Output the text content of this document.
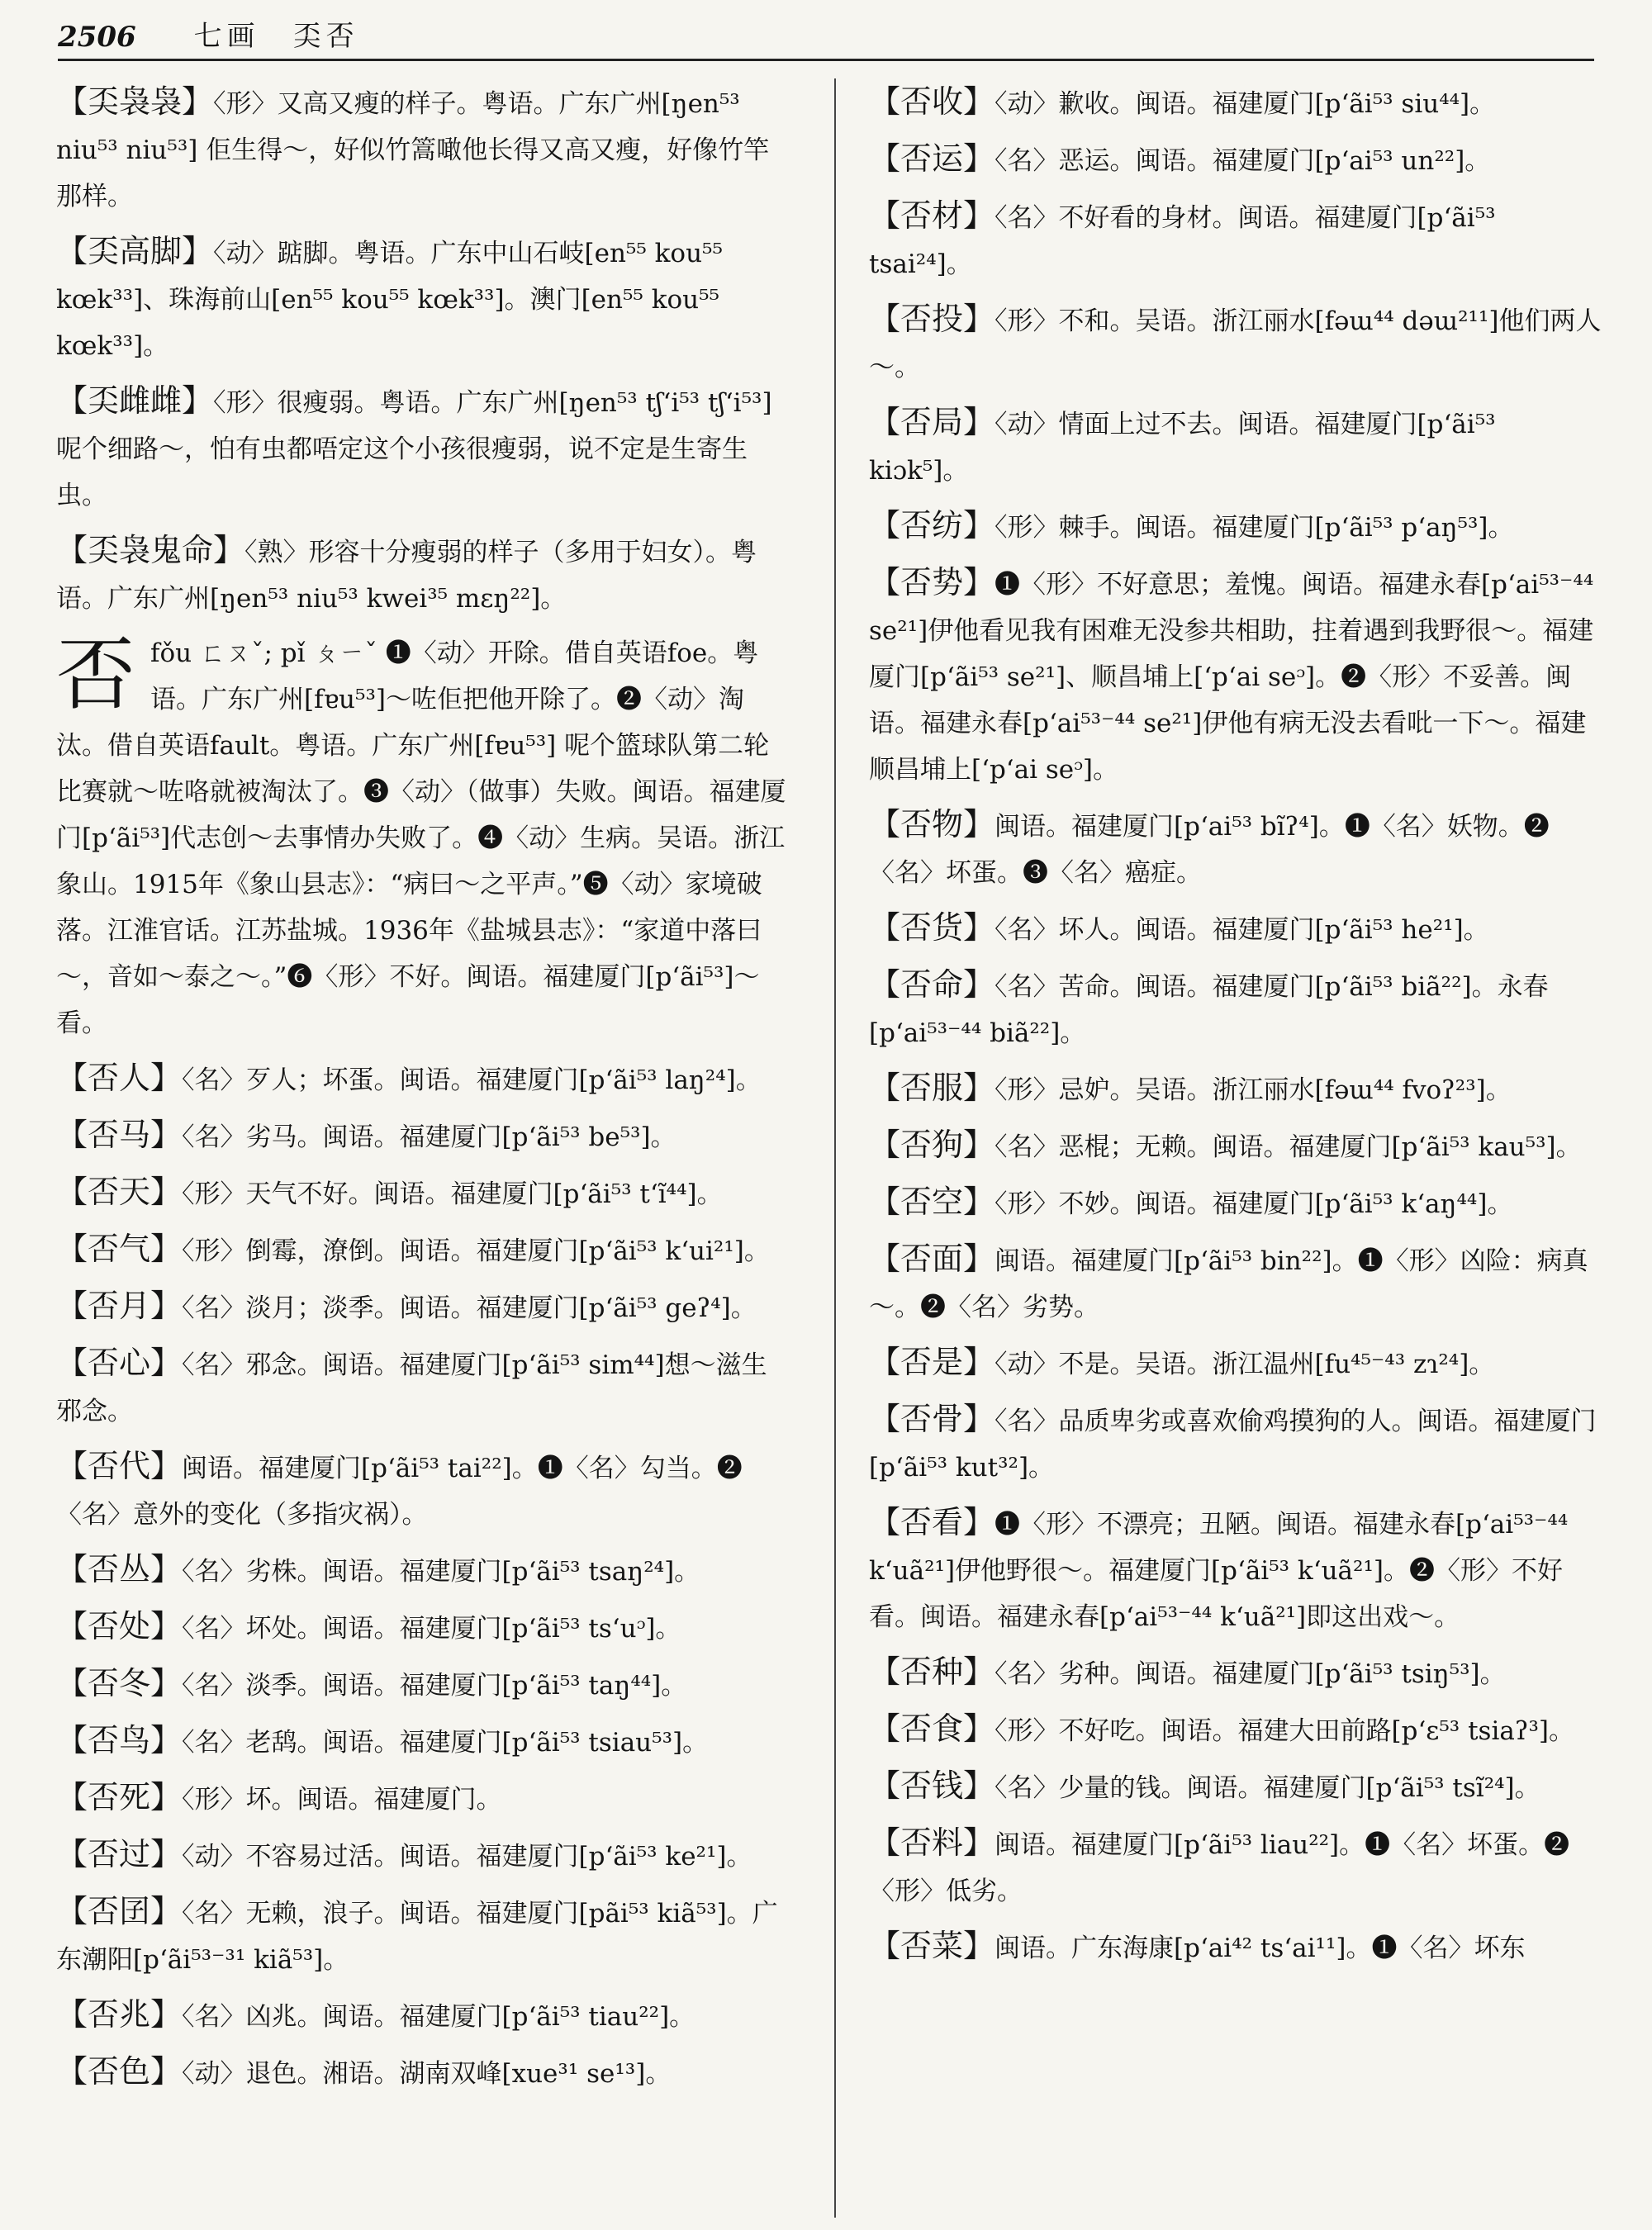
2506 七画　奀否
【奀袅袅】〈形〉又高又瘦的样子。粤语。广东广州[ŋen⁵³ niu⁵³ niu⁵³] 佢生得～，好似竹篙噉他长得又高又瘦，好像竹竿那样。
【奀高脚】〈动〉踮脚。粤语。广东中山石岐[en⁵⁵ kou⁵⁵ kœk³³]、珠海前山[en⁵⁵ kou⁵⁵ kœk³³]。澳门[en⁵⁵ kou⁵⁵ kœk³³]。
【奀雌雌】〈形〉很瘦弱。粤语。广东广州[ŋen⁵³ tʃʻi⁵³ tʃʻi⁵³] 呢个细路～，怕有虫都唔定这个小孩很瘦弱，说不定是生寄生虫。
【奀袅鬼命】〈熟〉形容十分瘦弱的样子（多用于妇女）。粤语。广东广州[ŋen⁵³ niu⁵³ kwei³⁵ mɛŋ²²]。
否fǒu ㄈㄡˇ; pǐ ㄆㄧˇ ❶〈动〉开除。借自英语foe。粤语。广东广州[fɐu⁵³]～咗佢把他开除了。❷〈动〉淘汰。借自英语fault。粤语。广东广州[fɐu⁵³] 呢个篮球队第二轮比赛就～咗咯就被淘汰了。❸〈动〉（做事）失败。闽语。福建厦门[pʻãi⁵³]代志创～去事情办失败了。❹〈动〉生病。吴语。浙江象山。1915年《象山县志》：“病曰～之平声。”❺〈动〉家境破落。江淮官话。江苏盐城。1936年《盐城县志》：“家道中落曰～，音如～泰之～。”❻〈形〉不好。闽语。福建厦门[pʻãi⁵³]～看。
【否人】〈名〉歹人；坏蛋。闽语。福建厦门[pʻãi⁵³ laŋ²⁴]。
【否马】〈名〉劣马。闽语。福建厦门[pʻãi⁵³ be⁵³]。
【否天】〈形〉天气不好。闽语。福建厦门[pʻãi⁵³ tʻĩ⁴⁴]。
【否气】〈形〉倒霉，潦倒。闽语。福建厦门[pʻãi⁵³ kʻui²¹]。
【否月】〈名〉淡月；淡季。闽语。福建厦门[pʻãi⁵³ geʔ⁴]。
【否心】〈名〉邪念。闽语。福建厦门[pʻãi⁵³ sim⁴⁴]想～滋生邪念。
【否代】闽语。福建厦门[pʻãi⁵³ tai²²]。❶〈名〉勾当。❷〈名〉意外的变化（多指灾祸）。
【否丛】〈名〉劣株。闽语。福建厦门[pʻãi⁵³ tsaŋ²⁴]。
【否处】〈名〉坏处。闽语。福建厦门[pʻãi⁵³ tsʻuᵓ]。
【否冬】〈名〉淡季。闽语。福建厦门[pʻãi⁵³ taŋ⁴⁴]。
【否鸟】〈名〉老鸹。闽语。福建厦门[pʻãi⁵³ tsiau⁵³]。
【否死】〈形〉坏。闽语。福建厦门。
【否过】〈动〉不容易过活。闽语。福建厦门[pʻãi⁵³ ke²¹]。
【否囝】〈名〉无赖，浪子。闽语。福建厦门[pãi⁵³ kiã⁵³]。广东潮阳[pʻãi⁵³⁻³¹ kiã⁵³]。
【否兆】〈名〉凶兆。闽语。福建厦门[pʻãi⁵³ tiau²²]。
【否色】〈动〉退色。湘语。湖南双峰[xue³¹ se¹³]。
【否收】〈动〉歉收。闽语。福建厦门[pʻãi⁵³ siu⁴⁴]。
【否运】〈名〉恶运。闽语。福建厦门[pʻai⁵³ un²²]。
【否材】〈名〉不好看的身材。闽语。福建厦门[pʻãi⁵³ tsai²⁴]。
【否投】〈形〉不和。吴语。浙江丽水[fəɯ⁴⁴ dəɯ²¹¹]他们两人～。
【否局】〈动〉情面上过不去。闽语。福建厦门[pʻãi⁵³ kiɔk⁵]。
【否纺】〈形〉棘手。闽语。福建厦门[pʻãi⁵³ pʻaŋ⁵³]。
【否势】❶〈形〉不好意思；羞愧。闽语。福建永春[pʻai⁵³⁻⁴⁴ se²¹]伊他看见我有困难无没参共相助，拄着遇到我野很～。福建厦门[pʻãi⁵³ se²¹]、顺昌埔上[ʻpʻai seᵓ]。❷〈形〉不妥善。闽语。福建永春[pʻai⁵³⁻⁴⁴ se²¹]伊他有病无没去看吡一下～。福建顺昌埔上[ʻpʻai seᵓ]。
【否物】闽语。福建厦门[pʻai⁵³ bĩʔ⁴]。❶〈名〉妖物。❷〈名〉坏蛋。❸〈名〉癌症。
【否货】〈名〉坏人。闽语。福建厦门[pʻãi⁵³ he²¹]。
【否命】〈名〉苦命。闽语。福建厦门[pʻãi⁵³ biã²²]。永春[pʻai⁵³⁻⁴⁴ biã²²]。
【否服】〈形〉忌妒。吴语。浙江丽水[fəɯ⁴⁴ fvoʔ²³]。
【否狗】〈名〉恶棍；无赖。闽语。福建厦门[pʻãi⁵³ kau⁵³]。
【否空】〈形〉不妙。闽语。福建厦门[pʻãi⁵³ kʻaŋ⁴⁴]。
【否面】闽语。福建厦门[pʻãi⁵³ bin²²]。❶〈形〉凶险：病真～。❷〈名〉劣势。
【否是】〈动〉不是。吴语。浙江温州[fu⁴⁵⁻⁴³ zɿ²⁴]。
【否骨】〈名〉品质卑劣或喜欢偷鸡摸狗的人。闽语。福建厦门[pʻãi⁵³ kut³²]。
【否看】❶〈形〉不漂亮；丑陋。闽语。福建永春[pʻai⁵³⁻⁴⁴ kʻuã²¹]伊他野很～。福建厦门[pʻãi⁵³ kʻuã²¹]。❷〈形〉不好看。闽语。福建永春[pʻai⁵³⁻⁴⁴ kʻuã²¹]即这出戏～。
【否种】〈名〉劣种。闽语。福建厦门[pʻãi⁵³ tsiŋ⁵³]。
【否食】〈形〉不好吃。闽语。福建大田前路[pʻɛ⁵³ tsiaʔ³]。
【否钱】〈名〉少量的钱。闽语。福建厦门[pʻãi⁵³ tsĩ²⁴]。
【否料】闽语。福建厦门[pʻãi⁵³ liau²²]。❶〈名〉坏蛋。❷〈形〉低劣。
【否菜】闽语。广东海康[pʻai⁴² tsʻai¹¹]。❶〈名〉坏东
